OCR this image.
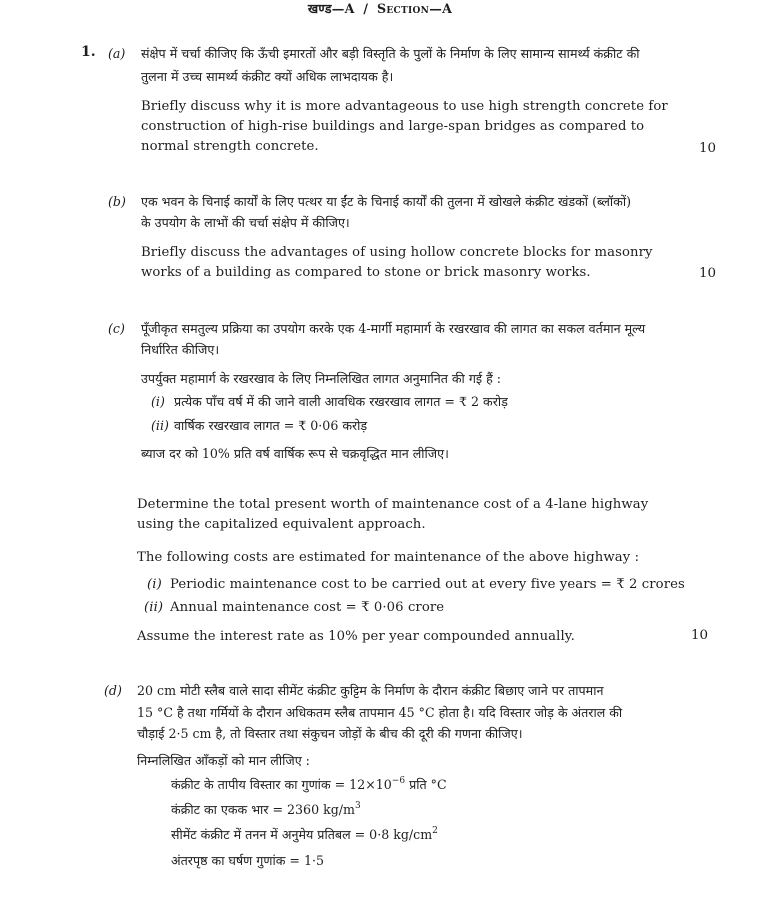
खण्ड—A / Section—A
1. (a) संक्षेप में चर्चा कीजिए कि ऊँची इमारतों और बड़ी विस्तृति के पुलों के निर्माण के लिए सामान्य सामर्थ्य कंक्रीट की
तुलना में उच्च सामर्थ्य कंक्रीट क्यों अधिक लाभदायक है।
Briefly discuss why it is more advantageous to use high strength concrete for
construction of high-rise buildings and large-span bridges as compared to
normal strength concrete.	10
(b) एक भवन के चिनाई कार्यों के लिए पत्थर या ईंट के चिनाई कार्यों की तुलना में खोखले कंक्रीट खंडकों (ब्लॉकों)
के उपयोग के लाभों की चर्चा संक्षेप में कीजिए।
Briefly discuss the advantages of using hollow concrete blocks for masonry
works of a building as compared to stone or brick masonry works.	10
(c) पूँजीकृत समतुल्य प्रक्रिया का उपयोग करके एक 4-मार्गी महामार्ग के रखरखाव की लागत का सकल वर्तमान मूल्य
निर्धारित कीजिए।
उपर्युक्त महामार्ग के रखरखाव के लिए निम्नलिखित लागत अनुमानित की गई हैं :
(i) प्रत्येक पाँच वर्ष में की जाने वाली आवधिक रखरखाव लागत = ₹ 2 करोड़
(ii) वार्षिक रखरखाव लागत = ₹ 0·06 करोड़
ब्याज दर को 10% प्रति वर्ष वार्षिक रूप से चक्रवृद्धित मान लीजिए।
Determine the total present worth of maintenance cost of a 4-lane highway
using the capitalized equivalent approach.
The following costs are estimated for maintenance of the above highway :
(i) Periodic maintenance cost to be carried out at every five years = ₹ 2 crores
(ii) Annual maintenance cost = ₹ 0·06 crore
Assume the interest rate as 10% per year compounded annually.	10
(d) 20 cm मोटी स्लैब वाले सादा सीमेंट कंक्रीट कुट्टिम के निर्माण के दौरान कंक्रीट बिछाए जाने पर तापमान
15 °C है तथा गर्मियों के दौरान अधिकतम स्लैब तापमान 45 °C होता है। यदि विस्तार जोड़ के अंतराल की
चौड़ाई 2·5 cm है, तो विस्तार तथा संकुचन जोड़ों के बीच की दूरी की गणना कीजिए।
निम्नलिखित आँकड़ों को मान लीजिए :
कंक्रीट के तापीय विस्तार का गुणांक = $12\times 10^{-6}$ प्रति °C
कंक्रीट का एकक भार = 2360 $kg/m^3$
सीमेंट कंक्रीट में तनन में अनुमेय प्रतिबल = 0·8 $kg/cm^2$
अंतरपृष्ठ का घर्षण गुणांक = 1·5
